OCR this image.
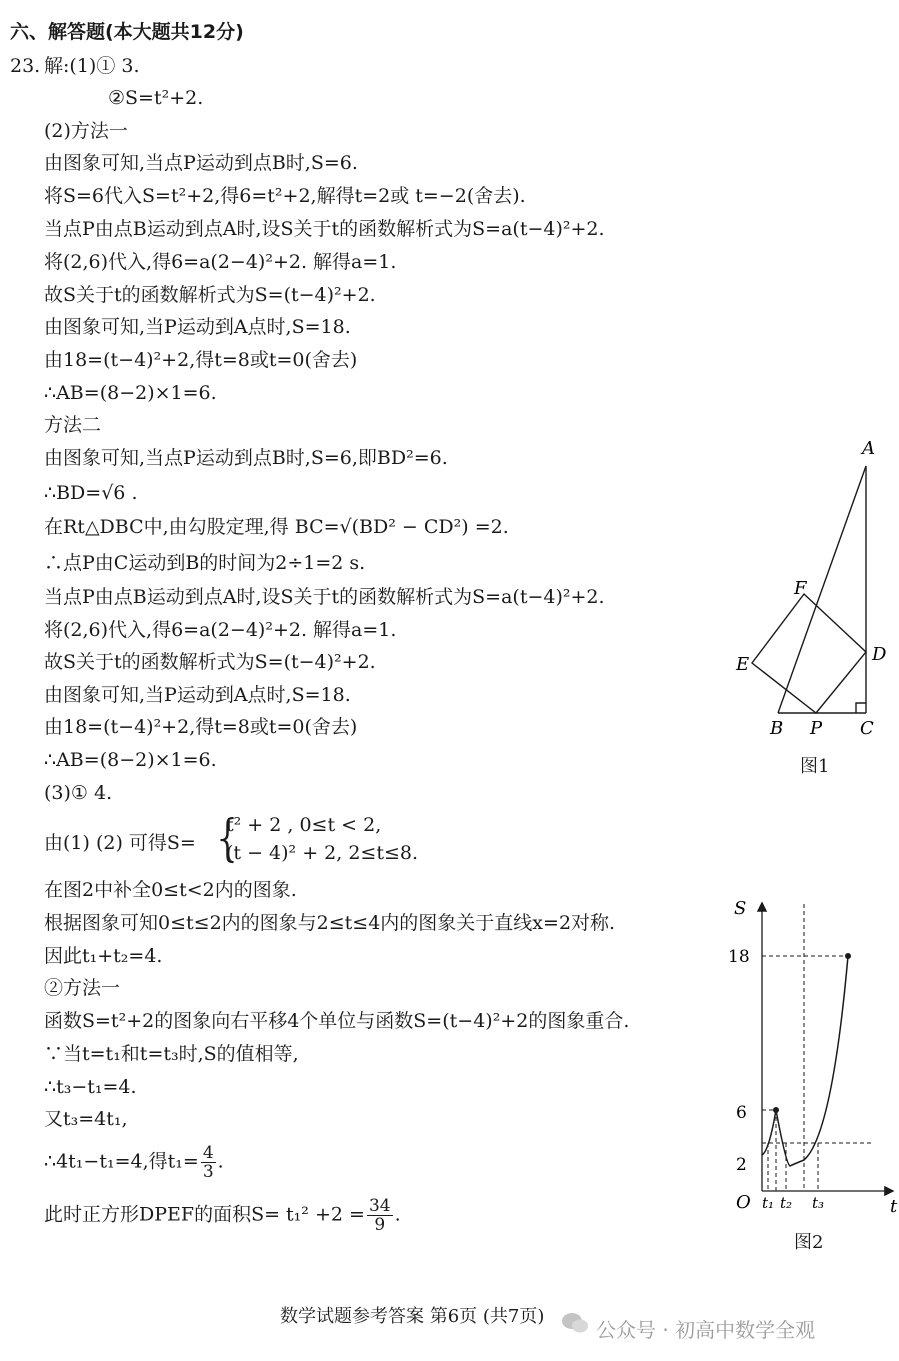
六、解答题(本大题共12分)
23. 解:(1)① 3.
②S=t²+2.
(2)方法一
由图象可知,当点P运动到点B时,S=6.
将S=6代入S=t²+2,得6=t²+2,解得t=2或 t=−2(舍去).
当点P由点B运动到点A时,设S关于t的函数解析式为S=a(t−4)²+2.
将(2,6)代入,得6=a(2−4)²+2. 解得a=1.
故S关于t的函数解析式为S=(t−4)²+2.
由图象可知,当P运动到A点时,S=18.
由18=(t−4)²+2,得t=8或t=0(舍去)
∴AB=(8−2)×1=6.
方法二
由图象可知,当点P运动到点B时,S=6,即BD²=6.
∴BD=√6 .
在Rt△DBC中,由勾股定理,得 BC=√(BD² − CD²) =2.
∴点P由C运动到B的时间为2÷1=2 s.
当点P由点B运动到点A时,设S关于t的函数解析式为S=a(t−4)²+2.
将(2,6)代入,得6=a(2−4)²+2. 解得a=1.
故S关于t的函数解析式为S=(t−4)²+2.
由图象可知,当P运动到A点时,S=18.
由18=(t−4)²+2,得t=8或t=0(舍去)
∴AB=(8−2)×1=6.
(3)① 4.
由(1) (2) 可得S= {
t² + 2 , 0≤t < 2,
(t − 4)² + 2, 2≤t≤8.
在图2中补全0≤t<2内的图象.
根据图象可知0≤t≤2内的图象与2≤t≤4内的图象关于直线x=2对称.
因此t₁+t₂=4.
②方法一
函数S=t²+2的图象向右平移4个单位与函数S=(t−4)²+2的图象重合.
∵当t=t₁和t=t₃时,S的值相等,
∴t₃−t₁=4.
又t₃=4t₁,
∴4t₁−t₁=4,得$t_1= \frac{4}{3}$ .
此时正方形DPEF的面积$S= t_1^2 +2 = \frac{34}{9}$ .
A
B	C
D
E
F
P
图1
S
t
O
18
6
2
t₁ t₂ t₃
图2
数学试题参考答案 第6页 (共7页)
公众号 · 初高中数学全观
